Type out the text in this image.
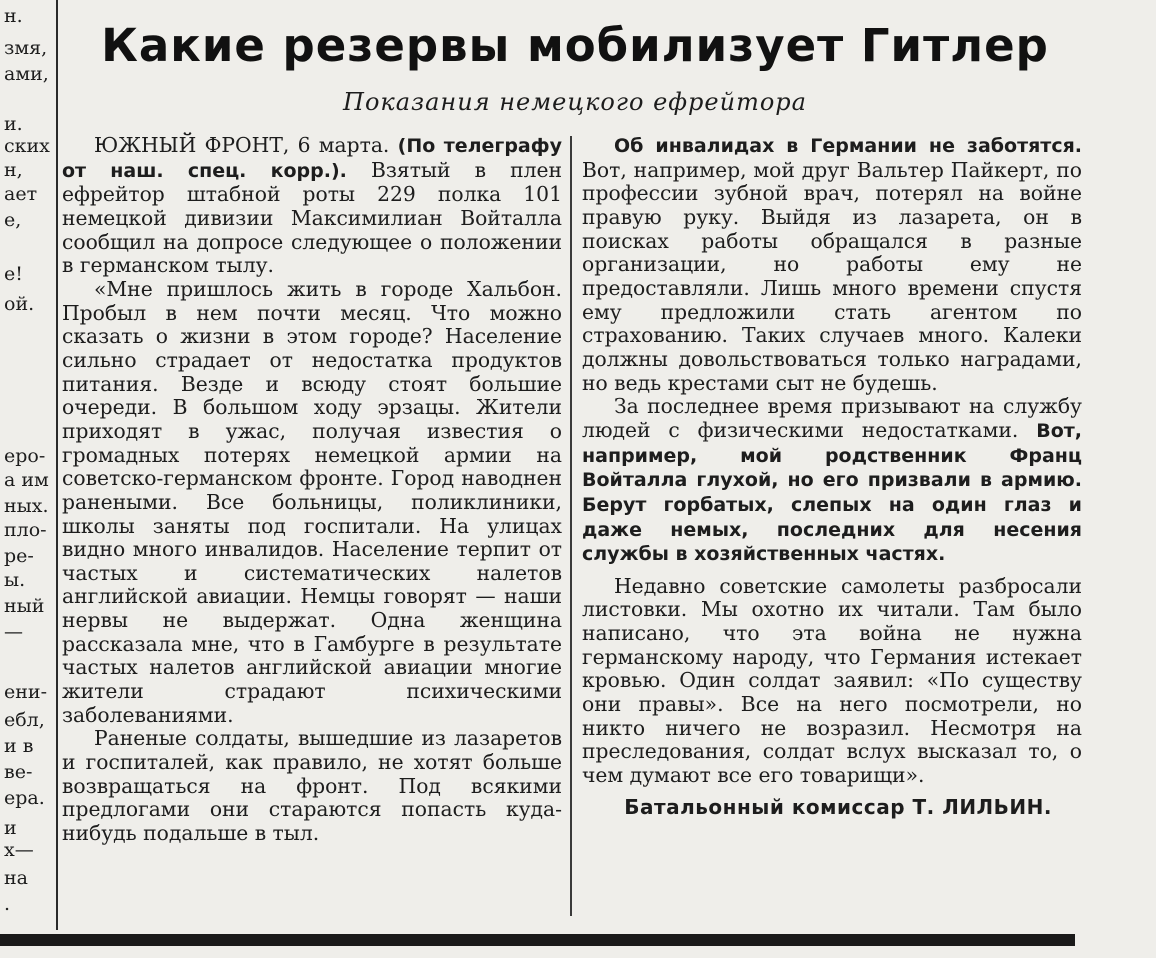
н.
змя,
ами,
и.
ских
н,
ает
е,
е!
ой.
еро-
а им
ных.
пло-
ре-
ы.
ный
—
ени-
ебл,
и в
ве-
ера.
и
х—
на
.
Какие резервы мобилизует Гитлер
Показания немецкого ефрейтора

ЮЖНЫЙ ФРОНТ, 6 марта. (По телеграфу от наш. спец. корр.). Взятый в плен ефрейтор штабной роты 229 полка 101 немецкой дивизии Максимилиан Войталла сообщил на допросе следующее о положении в германском тылу.

«Мне пришлось жить в городе Хальбон. Пробыл в нем почти месяц. Что можно сказать о жизни в этом городе? Население сильно страдает от недостатка продуктов питания. Везде и всюду стоят большие очереди. В большом ходу эрзацы. Жители приходят в ужас, получая известия о громадных потерях немецкой армии на советско-германском фронте. Город наводнен ранеными. Все больницы, поликлиники, школы заняты под госпитали. На улицах видно много инвалидов. Население терпит от частых и систематических налетов английской авиации. Немцы говорят — наши нервы не выдержат. Одна женщина рассказала мне, что в Гамбурге в результате частых налетов английской авиации многие жители страдают психическими заболеваниями.

Раненые солдаты, вышедшие из лазаретов и госпиталей, как правило, не хотят больше возвращаться на фронт. Под всякими предлогами они стараются попасть куда-нибудь подальше в тыл.

Об инвалидах в Германии не заботятся. Вот, например, мой друг Вальтер Пайкерт, по профессии зубной врач, потерял на войне правую руку. Выйдя из лазарета, он в поисках работы обращался в разные организации, но работы ему не предоставляли. Лишь много времени спустя ему предложили стать агентом по страхованию. Таких случаев много. Калеки должны довольствоваться только наградами, но ведь крестами сыт не будешь.

За последнее время призывают на службу людей с физическими недостатками. Вот, например, мой родственник Франц Войталла глухой, но его призвали в армию. Берут горбатых, слепых на один глаз и даже немых, последних для несения службы в хозяйственных частях.

Недавно советские самолеты разбросали листовки. Мы охотно их читали. Там было написано, что эта война не нужна германскому народу, что Германия истекает кровью. Один солдат заявил: «По существу они правы». Все на него посмотрели, но никто ничего не возразил. Несмотря на преследования, солдат вслух высказал то, о чем думают все его товарищи».

Батальонный комиссар Т. ЛИЛЬИН.
